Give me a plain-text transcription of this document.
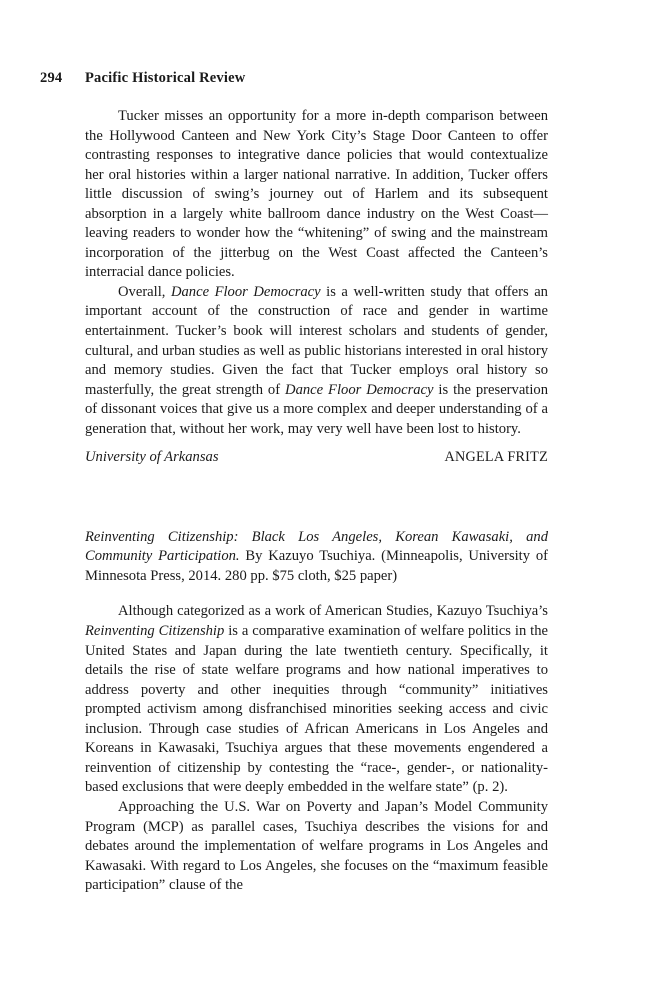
294 Pacific Historical Review

Tucker misses an opportunity for a more in-depth comparison between the Hollywood Canteen and New York City’s Stage Door Canteen to offer contrasting responses to integrative dance policies that would contextualize her oral histories within a larger national narrative. In addition, Tucker offers little discussion of swing’s journey out of Harlem and its subsequent absorption in a largely white ballroom dance industry on the West Coast—leaving readers to wonder how the “whitening” of swing and the mainstream incorporation of the jitterbug on the West Coast affected the Canteen’s interracial dance policies.

Overall, Dance Floor Democracy is a well-written study that offers an important account of the construction of race and gender in wartime entertainment. Tucker’s book will interest scholars and students of gender, cultural, and urban studies as well as public historians interested in oral history and memory studies. Given the fact that Tucker employs oral history so masterfully, the great strength of Dance Floor Democracy is the preservation of dissonant voices that give us a more complex and deeper understanding of a generation that, without her work, may very well have been lost to history.

University of Arkansas	ANGELA FRITZ

Reinventing Citizenship: Black Los Angeles, Korean Kawasaki, and Community Participation. By Kazuyo Tsuchiya. (Minneapolis, University of Minnesota Press, 2014. 280 pp. $75 cloth, $25 paper)

Although categorized as a work of American Studies, Kazuyo Tsuchiya’s Reinventing Citizenship is a comparative examination of welfare politics in the United States and Japan during the late twentieth century. Specifically, it details the rise of state welfare programs and how national imperatives to address poverty and other inequities through “community” initiatives prompted activism among disfranchised minorities seeking access and civic inclusion. Through case studies of African Americans in Los Angeles and Koreans in Kawasaki, Tsuchiya argues that these movements engendered a reinvention of citizenship by contesting the “race-, gender-, or nationality-based exclusions that were deeply embedded in the welfare state” (p. 2).

Approaching the U.S. War on Poverty and Japan’s Model Community Program (MCP) as parallel cases, Tsuchiya describes the visions for and debates around the implementation of welfare programs in Los Angeles and Kawasaki. With regard to Los Angeles, she focuses on the “maximum feasible participation” clause of the
